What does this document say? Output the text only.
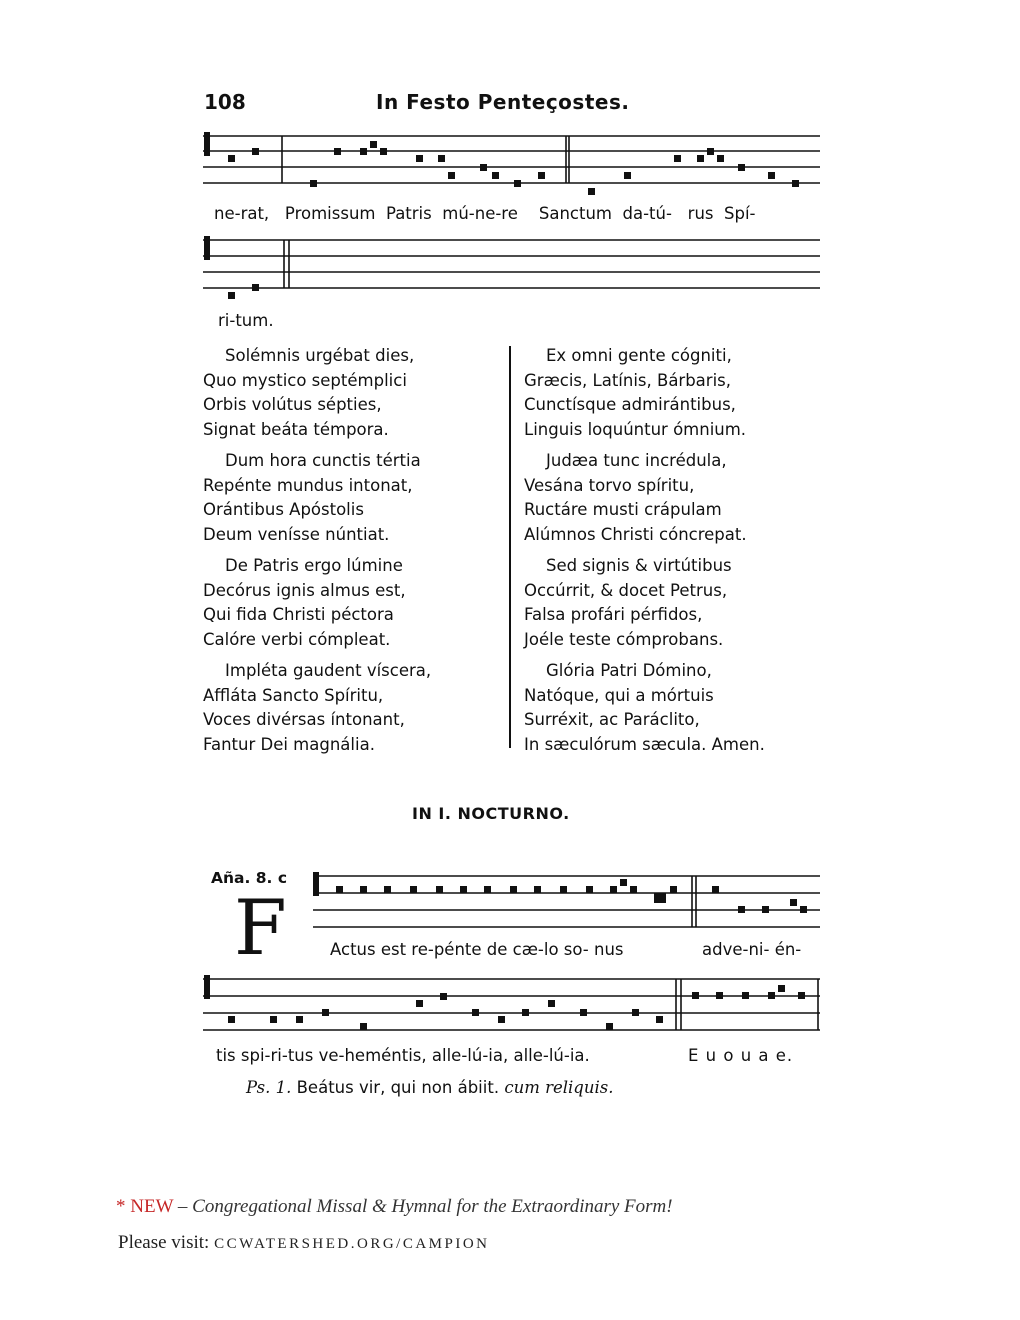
108	In Festo Penteçostes.
ne-rat, Promissum Patris mú-ne-re Sanctum da-tú- rus Spí-
ri-tum.
Solémnis urgébat dies,
Quo mystico septémplici
Orbis volútus sépties,
Signat beáta témpora.
Dum hora cunctis tértia
Repénte mundus intonat,
Orántibus Apóstolis
Deum venísse núntiat.
De Patris ergo lúmine
Decórus ignis almus est,
Qui fida Christi péctora
Calóre verbi cómpleat.
Impléta gaudent víscera,
Affláta Sancto Spíritu,
Voces divérsas íntonant,
Fantur Dei magnália.
Ex omni gente cógniti,
Græcis, Latínis, Bárbaris,
Cunctísque admirántibus,
Linguis loquúntur ómnium.
Judæa tunc incrédula,
Vesána torvo spíritu,
Ructáre musti crápulam
Alúmnos Christi cóncrepat.
Sed signis & virtútibus
Occúrrit, & docet Petrus,
Falsa profári pérfidos,
Joéle teste cómprobans.
Glória Patri Dómino,
Natóque, qui a mórtuis
Surréxit, ac Paráclito,
In sæculórum sæcula. Amen.
IN I. NOCTURNO.
Aña. 8. c
F	Actus est re-pénte de cæ-lo so- nus	adve-ni- én-
tis spi-ri-tus ve-heméntis, alle-lú-ia, alle-lú-ia.	E u o u a e.
Ps. 1. Beátus vir, qui non ábiit. cum reliquis.
* NEW – Congregational Missal & Hymnal for the Extraordinary Form!
Please visit: CCWATERSHED.ORG/CAMPION
